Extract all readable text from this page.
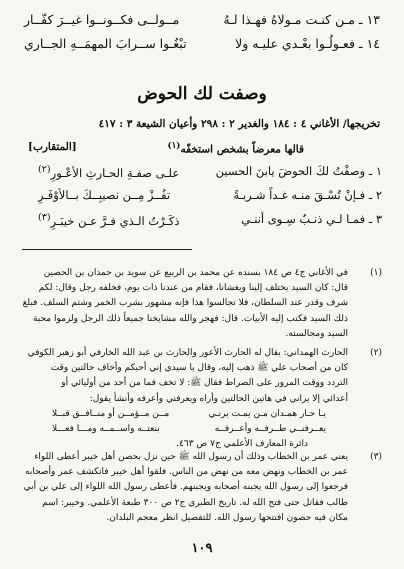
١٣ ـ مـن كنـت مـولاهُ فهـذا لـهُ
مــولــى فكــونــوا غيــرَ كفّــار
١٤ ـ فعـولُـوا بعْـدي عليـه ولا
تبْغُـوا ســرابَ المهمَــهِ الجــاري
وصفت لك الحوض
تخريجها/ الأغاني ٤ : ١٨٤ والغدير ٢ : ٢٩٨ وأعيان الشيعة ٣ : ٤١٧
قالها معرضاً بشخص استخفّه$^{(١)}$
[المتقارب]
١ ـ وصفْتُ لكَ الحوضَ يابنَ الحسين
علـى صفـةِ الحـارثِ الأعْـورِ$^{(٢)}$
٢ ـ فـإنْ تُسْـقَ منـه غـداً شـربـةً
تفُــزْ مِــن نصيبِــكَ بــالأوْفَـرِ
٣ ـ فمـا لـي ذنـبٌ سِـوى أننـي
ذكَـرْتُ الـذي فـرَّ عـن خيبَـرِ$^{(٣)}$
(١)
في الأغاني ج٤ ص ١٨٤ بسنده عن محمد بن الربيع عن سويد بن حمدان بن الحصين
قال: كان السيد يختلف إلينا ويغشانا، فقام من عندنا ذات يوم، فخلفه رجل وقال: لكم
شرف وقدر عند السلطان، فلا تجالسوا هذا فإنه مشهور بشرب الخمر وشتم السلف. فبلغ
ذلك السيد فكتب إليه الأبيات. قال: فهجر والله مشايخنا جميعاً ذلك الرجل ولزموا محبة
السيد ومجالسته.
(٢)
الحارث الهمداني: يقال له الحارث الأعور والحارث بن عبد الله الخارفي أبو زهير الكوفي
كان من أصحاب علي ﷺ ذهب إليه، وقال يا سيدي إني أحبكم وأخاف حالتين وقت
التردد ووقت المرور على الصراط فقال ﷺ: لا تخف فما من أحد من أوليائي أو
أعدائي إلا يراني في هاتين الحالتين وأراه ويعرفني وأعرفه وأنشأ يقول:
يـا حـار همـدان مـن يمـت يرنـي
مــن مــؤمــن أو منــافــق قبــلا
يعــرفنــي طــرفــه وأعــرفــه
بنعتــه واســمــه ومـــا فعـــلا
دائرة المعارف الأعلمي ج٧ ص ٤٦٣.
(٣)
يعني عمر بن الخطاب وذلك أن رسول الله ﷺ حين نزل بحصن أهل خيبر أعطى اللواء
عمر بن الخطاب ونهض معه من نهض من الناس. فلقوا أهل خيبر فانكشف عمر وأصحابه
فرجعوا إلى رسول الله يجبنه أصحابه ويجبنهم. فأعطى رسول الله اللواء إلى علي بن أبي
طالب فقاتل حتى فتح الله له. تاريخ الطبري ج٢ ص ٣٠٠ طبعة الأعلمي. وخيبر: اسم
مكان فيه حصون افتتحها رسول الله. للتفصيل انظر معجم البلدان.
١٠٩
